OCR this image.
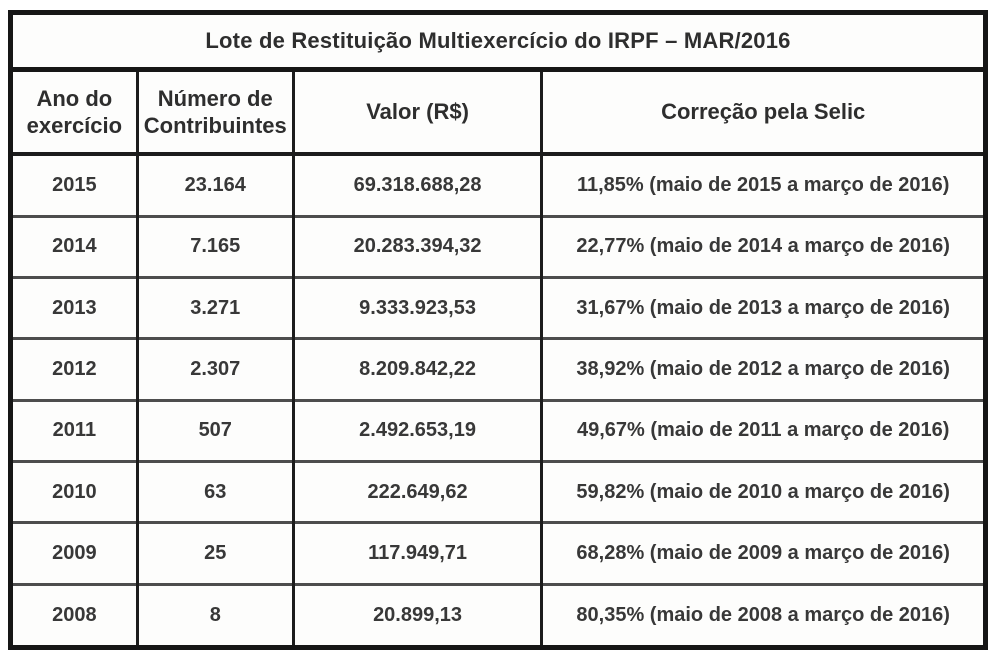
Lote de Restituição Multiexercício do IRPF – MAR/2016			
Ano do exercício	Número de Contribuintes	Valor (R$)	Correção pela Selic
2015	23.164	69.318.688,28	11,85% (maio de 2015 a março de 2016)
2014	7.165	20.283.394,32	22,77% (maio de 2014 a março de 2016)
2013	3.271	9.333.923,53	31,67% (maio de 2013 a março de 2016)
2012	2.307	8.209.842,22	38,92% (maio de 2012 a março de 2016)
2011	507	2.492.653,19	49,67% (maio de 2011 a março de 2016)
2010	63	222.649,62	59,82% (maio de 2010 a março de 2016)
2009	25	117.949,71	68,28% (maio de 2009 a março de 2016)
2008	8	20.899,13	80,35% (maio de 2008 a março de 2016)
